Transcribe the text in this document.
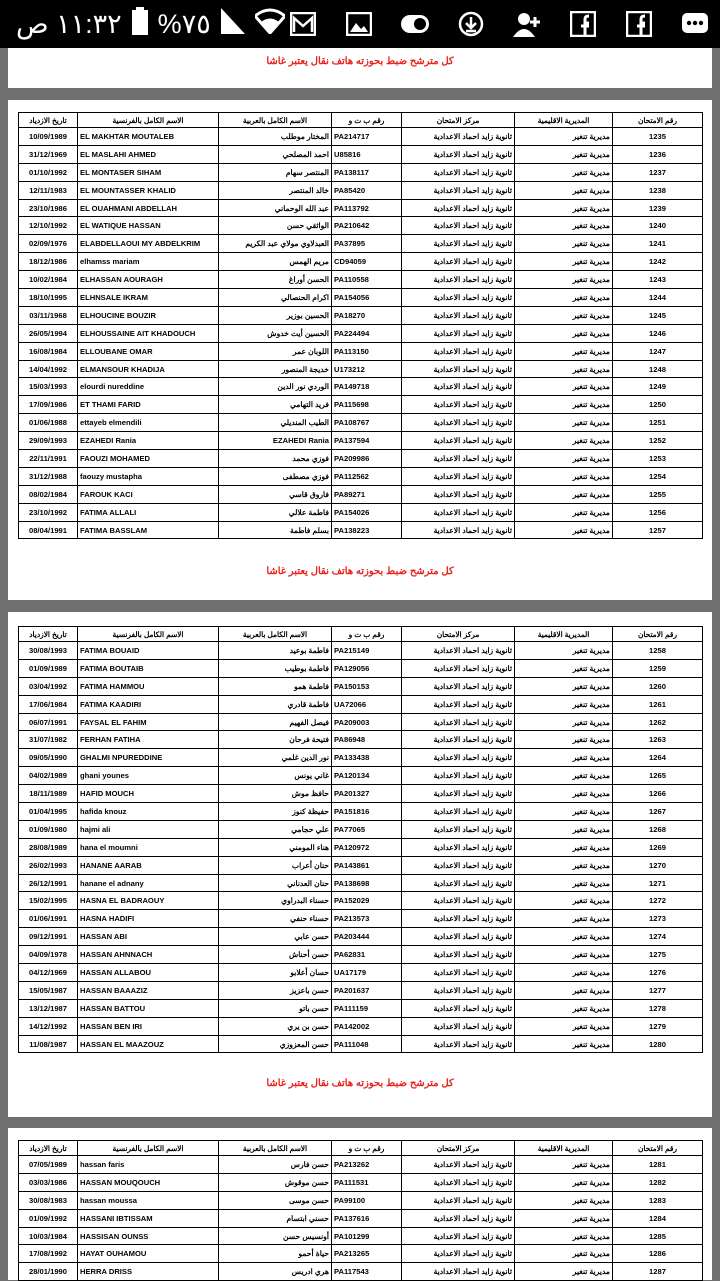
١١:٣٢ ص %٧٥
كل مترشح ضبط بحوزته هاتف نقال يعتبر غاشا
رقم الامتحان	المديرية الاقليمية	مركز الامتحان	رقم ب ت و	الاسم الكامل بالعربية	الاسم الكامل بالفرنسية	تاريخ الازدياد
1235	مديرية تنغير	ثانوية زايد احماد الاعدادية	PA214717	المختار موطلب	EL MAKHTAR MOUTALEB	10/09/1989
1236	مديرية تنغير	ثانوية زايد احماد الاعدادية	U85816	احمد المصلحي	EL MASLAHI AHMED	31/12/1969
1237	مديرية تنغير	ثانوية زايد احماد الاعدادية	PA138117	المنتصر سهام	EL MONTASER SIHAM	01/10/1992
1238	مديرية تنغير	ثانوية زايد احماد الاعدادية	PA85420	خالد المنتصر	EL MOUNTASSER KHALID	12/11/1983
1239	مديرية تنغير	ثانوية زايد احماد الاعدادية	PA113792	عبد الله الوحماني	EL OUAHMANI ABDELLAH	23/10/1986
1240	مديرية تنغير	ثانوية زايد احماد الاعدادية	PA210642	الواثقي حسن	EL WATIQUE HASSAN	12/10/1992
1241	مديرية تنغير	ثانوية زايد احماد الاعدادية	PA37895	العبدلاوي مولاي عبد الكريم	ELABDELLAOUI MY ABDELKRIM	02/09/1976
1242	مديرية تنغير	ثانوية زايد احماد الاعدادية	CD94059	مريم الهمس	elhamss mariam	18/12/1986
1243	مديرية تنغير	ثانوية زايد احماد الاعدادية	PA110558	الحسن أوراغ	ELHASSAN AOURAGH	10/02/1984
1244	مديرية تنغير	ثانوية زايد احماد الاعدادية	PA154056	اكرام الحنصالي	ELHNSALE IKRAM	18/10/1995
1245	مديرية تنغير	ثانوية زايد احماد الاعدادية	PA18270	الحسين بوزير	ELHOUCINE BOUZIR	03/11/1968
1246	مديرية تنغير	ثانوية زايد احماد الاعدادية	PA224494	الحسين أيت خدوش	ELHOUSSAINE AIT KHADOUCH	26/05/1994
1247	مديرية تنغير	ثانوية زايد احماد الاعدادية	PA113150	اللوبان عمر	ELLOUBANE OMAR	16/08/1984
1248	مديرية تنغير	ثانوية زايد احماد الاعدادية	U173212	خديجة المنصور	ELMANSOUR KHADIJA	14/04/1992
1249	مديرية تنغير	ثانوية زايد احماد الاعدادية	PA149718	الوردي نور الدين	elourdi nureddine	15/03/1993
1250	مديرية تنغير	ثانوية زايد احماد الاعدادية	PA115698	فريد التهامي	ET THAMI FARID	17/09/1986
1251	مديرية تنغير	ثانوية زايد احماد الاعدادية	PA108767	الطيب المنديلي	ettayeb elmendili	01/06/1988
1252	مديرية تنغير	ثانوية زايد احماد الاعدادية	PA137594	EZAHEDI Rania	EZAHEDI Rania	29/09/1993
1253	مديرية تنغير	ثانوية زايد احماد الاعدادية	PA209986	فوزي محمد	FAOUZI MOHAMED	22/11/1991
1254	مديرية تنغير	ثانوية زايد احماد الاعدادية	PA112562	فوزي مصطفى	faouzy mustapha	31/12/1988
1255	مديرية تنغير	ثانوية زايد احماد الاعدادية	PA89271	فاروق قاسي	FAROUK KACI	08/02/1984
1256	مديرية تنغير	ثانوية زايد احماد الاعدادية	PA154026	فاطمة علالي	FATIMA ALLALI	23/10/1992
1257	مديرية تنغير	ثانوية زايد احماد الاعدادية	PA138223	بسلم فاطمة	FATIMA BASSLAM	08/04/1991
كل مترشح ضبط بحوزته هاتف نقال يعتبر غاشا
رقم الامتحان	المديرية الاقليمية	مركز الامتحان	رقم ب ت و	الاسم الكامل بالعربية	الاسم الكامل بالفرنسية	تاريخ الازدياد
1258	مديرية تنغير	ثانوية زايد احماد الاعدادية	PA215149	فاطمة بوعيد	FATIMA BOUAID	30/08/1993
1259	مديرية تنغير	ثانوية زايد احماد الاعدادية	PA129056	فاطمة بوطيب	FATIMA BOUTAIB	01/09/1989
1260	مديرية تنغير	ثانوية زايد احماد الاعدادية	PA150153	فاطمة همو	FATIMA HAMMOU	03/04/1992
1261	مديرية تنغير	ثانوية زايد احماد الاعدادية	UA72066	فاطمة قادري	FATIMA KAADIRI	17/06/1984
1262	مديرية تنغير	ثانوية زايد احماد الاعدادية	PA209003	فيصل الفهيم	FAYSAL EL FAHIM	06/07/1991
1263	مديرية تنغير	ثانوية زايد احماد الاعدادية	PA86948	فتيحة فرحان	FERHAN FATIHA	31/07/1982
1264	مديرية تنغير	ثانوية زايد احماد الاعدادية	PA133438	نور الدين غلمي	GHALMI NPUREDDINE	09/05/1990
1265	مديرية تنغير	ثانوية زايد احماد الاعدادية	PA120134	غاني يونس	ghani younes	04/02/1989
1266	مديرية تنغير	ثانوية زايد احماد الاعدادية	PA201327	حافظ موش	HAFID MOUCH	18/11/1989
1267	مديرية تنغير	ثانوية زايد احماد الاعدادية	PA151816	حفيظة كنوز	hafida knouz	01/04/1995
1268	مديرية تنغير	ثانوية زايد احماد الاعدادية	PA77065	علي حجامي	hajmi ali	01/09/1980
1269	مديرية تنغير	ثانوية زايد احماد الاعدادية	PA120972	هناء المومني	hana el moumni	28/08/1989
1270	مديرية تنغير	ثانوية زايد احماد الاعدادية	PA143861	حنان أعراب	HANANE AARAB	26/02/1993
1271	مديرية تنغير	ثانوية زايد احماد الاعدادية	PA138698	حنان العدناني	hanane el adnany	26/12/1991
1272	مديرية تنغير	ثانوية زايد احماد الاعدادية	PA152029	حسناء البدراوي	HASNA EL BADRAOUY	15/02/1995
1273	مديرية تنغير	ثانوية زايد احماد الاعدادية	PA213573	حسناء حنفي	HASNA HADIFI	01/06/1991
1274	مديرية تنغير	ثانوية زايد احماد الاعدادية	PA203444	حسن عابي	HASSAN ABI	09/12/1991
1275	مديرية تنغير	ثانوية زايد احماد الاعدادية	PA62831	حسن أحناش	HASSAN AHNNACH	04/09/1978
1276	مديرية تنغير	ثانوية زايد احماد الاعدادية	UA17179	حسان أعلابو	HASSAN ALLABOU	04/12/1969
1277	مديرية تنغير	ثانوية زايد احماد الاعدادية	PA201637	حسن باعزيز	HASSAN BAAAZIZ	15/05/1987
1278	مديرية تنغير	ثانوية زايد احماد الاعدادية	PA111159	حسن باتو	HASSAN BATTOU	13/12/1987
1279	مديرية تنغير	ثانوية زايد احماد الاعدادية	PA142002	حسن بن يري	HASSAN BEN IRI	14/12/1992
1280	مديرية تنغير	ثانوية زايد احماد الاعدادية	PA111048	حسن المعزوزي	HASSAN EL MAAZOUZ	11/08/1987
كل مترشح ضبط بحوزته هاتف نقال يعتبر غاشا
رقم الامتحان	المديرية الاقليمية	مركز الامتحان	رقم ب ت و	الاسم الكامل بالعربية	الاسم الكامل بالفرنسية	تاريخ الازدياد
1281	مديرية تنغير	ثانوية زايد احماد الاعدادية	PA213262	حسن فارس	hassan faris	07/05/1989
1282	مديرية تنغير	ثانوية زايد احماد الاعدادية	PA111531	حسن موقوش	HASSAN MOUQOUCH	03/03/1986
1283	مديرية تنغير	ثانوية زايد احماد الاعدادية	PA99100	حسن موسى	hassan moussa	30/08/1983
1284	مديرية تنغير	ثانوية زايد احماد الاعدادية	PA137616	حسني ابتسام	HASSANI IBTISSAM	01/09/1992
1285	مديرية تنغير	ثانوية زايد احماد الاعدادية	PA101299	أونسيس حسن	HASSISAN OUNSS	10/03/1984
1286	مديرية تنغير	ثانوية زايد احماد الاعدادية	PA213265	حياة أحمو	HAYAT OUHAMOU	17/08/1992
1287	مديرية تنغير	ثانوية زايد احماد الاعدادية	PA117543	هري ادريس	HERRA DRISS	28/01/1990
